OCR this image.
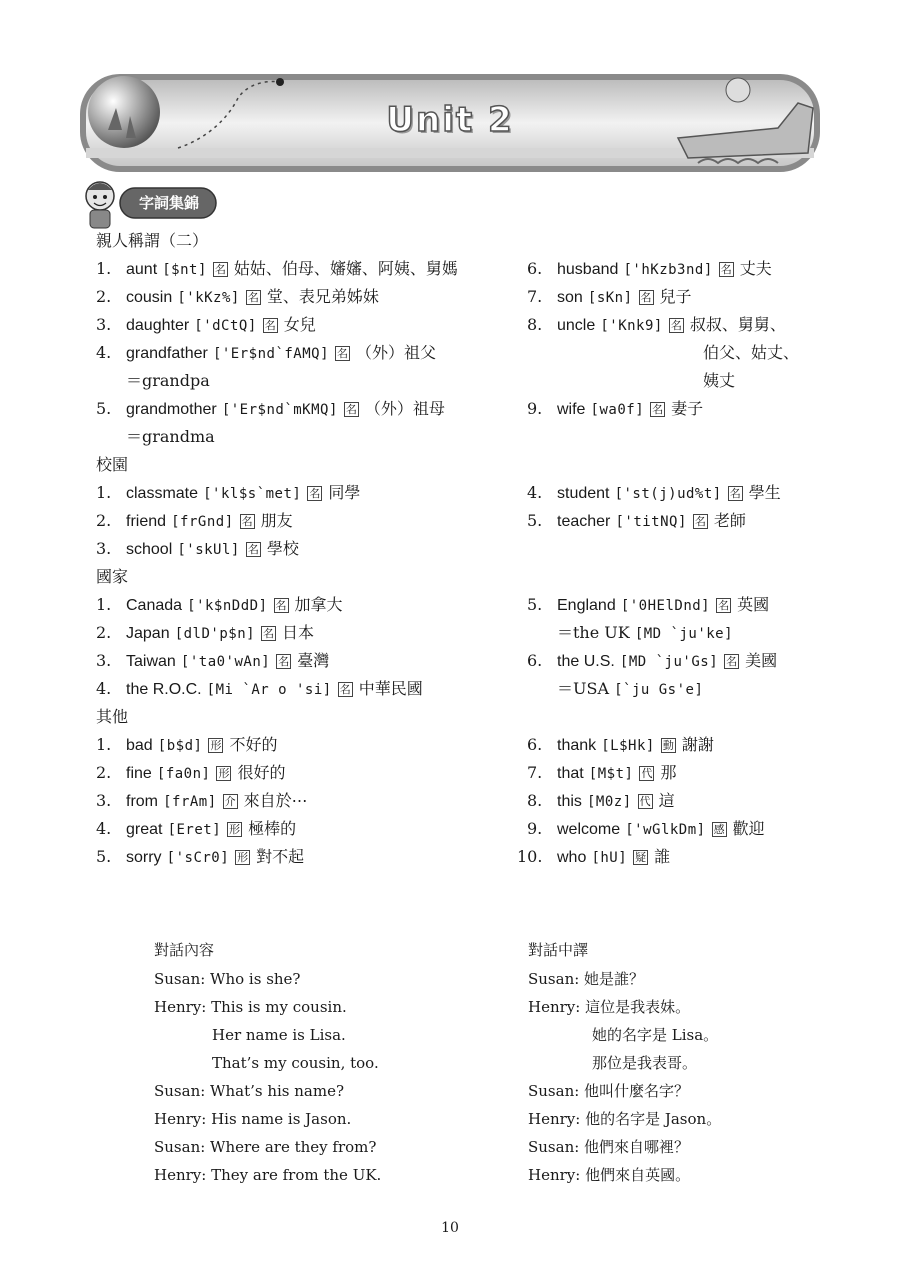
Unit 2
字詞集錦
親人稱謂（二）
1. aunt [$nt] 名 姑姑、伯母、嬸嬸、阿姨、舅媽
2. cousin ['kKz%] 名 堂、表兄弟姊妹
3. daughter ['dCtQ] 名 女兒
4. grandfather ['Er$nd`fAMQ] 名 （外）祖父
＝grandpa
5. grandmother ['Er$nd`mKMQ] 名 （外）祖母
＝grandma
6. husband ['hKzb3nd] 名 丈夫
7. son [sKn] 名 兒子
8. uncle ['Knk9] 名 叔叔、舅舅、
伯父、姑丈、
姨丈
9. wife [wa0f] 名 妻子
校園
1. classmate ['kl$s`met] 名 同學
2. friend [frGnd] 名 朋友
3. school ['skUl] 名 學校
4. student ['st(j)ud%t] 名 學生
5. teacher ['titNQ] 名 老師
國家
1. Canada ['k$nDdD] 名 加拿大
2. Japan [dlD'p$n] 名 日本
3. Taiwan ['ta0'wAn] 名 臺灣
4. the R.O.C. [Mi `Ar o 'si] 名 中華民國
5. England ['0HElDnd] 名 英國
＝the UK [MD `ju'ke]
6. the U.S. [MD `ju'Gs] 名 美國
＝USA [`ju Gs'e]
其他
1. bad [b$d] 形 不好的
2. fine [fa0n] 形 很好的
3. from [frAm] 介 來自於⋯
4. great [Eret] 形 極棒的
5. sorry ['sCr0] 形 對不起
6. thank [L$Hk] 動 謝謝
7. that [M$t] 代 那
8. this [M0z] 代 這
9. welcome ['wGlkDm] 感 歡迎
10. who [hU] 疑 誰
對話內容	對話中譯
Susan: Who is she?
Henry: This is my cousin.
Her name is Lisa.
That’s my cousin, too.
Susan: What’s his name?
Henry: His name is Jason.
Susan: Where are they from?
Henry: They are from the UK.
Susan: 她是誰？
Henry: 這位是我表妹。
她的名字是 Lisa。
那位是我表哥。
Susan: 他叫什麼名字？
Henry: 他的名字是 Jason。
Susan: 他們來自哪裡？
Henry: 他們來自英國。
10
